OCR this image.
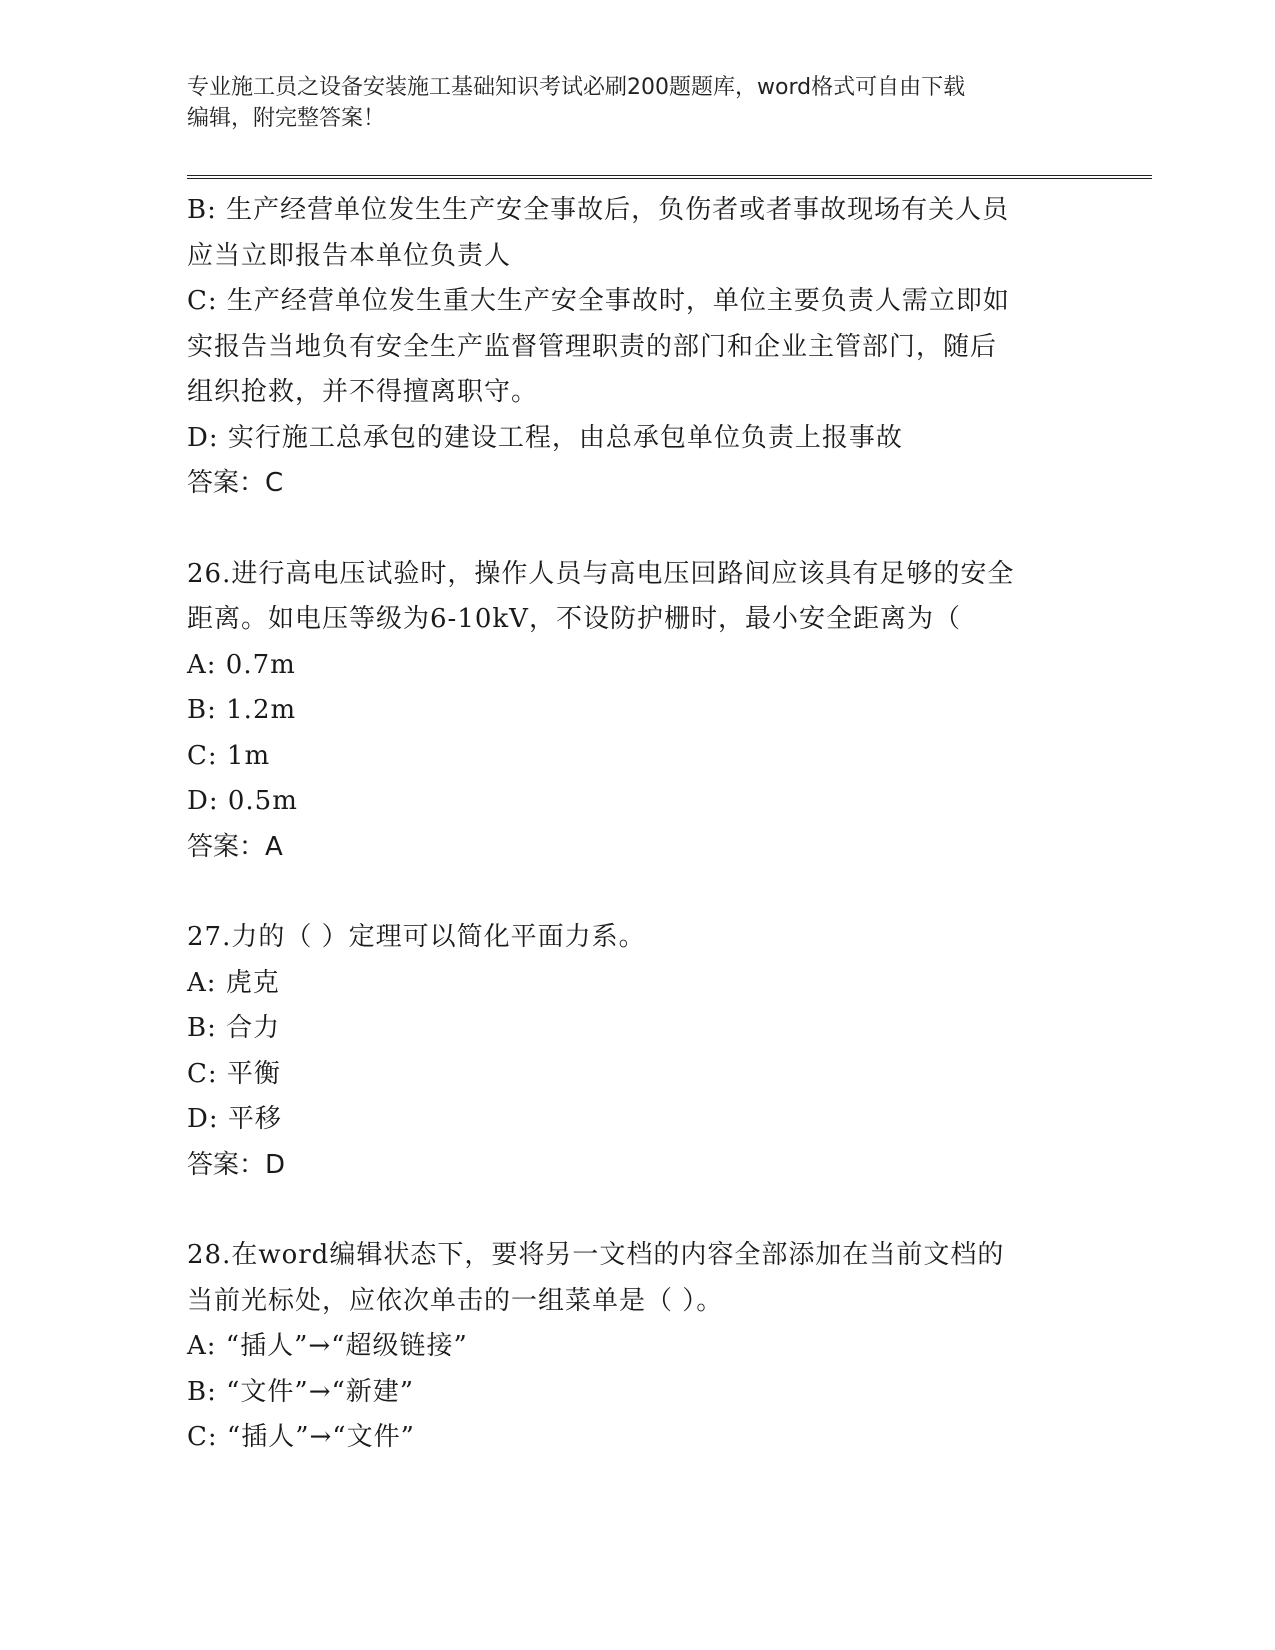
专业施工员之设备安装施工基础知识考试必刷200题题库，word格式可自由下载
编辑，附完整答案！
B: 生产经营单位发生生产安全事故后，负伤者或者事故现场有关人员
应当立即报告本单位负责人
C: 生产经营单位发生重大生产安全事故时，单位主要负责人需立即如
实报告当地负有安全生产监督管理职责的部门和企业主管部门，随后
组织抢救，并不得擅离职守。
D: 实行施工总承包的建设工程，由总承包单位负责上报事故
答案：C
26.进行高电压试验时，操作人员与高电压回路间应该具有足够的安全
距离。如电压等级为6-10kV，不设防护栅时，最小安全距离为（
A: 0.7m
B: 1.2m
C: 1m
D: 0.5m
答案：A
27.力的（ ）定理可以简化平面力系。
A: 虎克
B: 合力
C: 平衡
D: 平移
答案：D
28.在word编辑状态下，要将另一文档的内容全部添加在当前文档的
当前光标处，应依次单击的一组菜单是（ ）。
A: “插人”→“超级链接”
B: “文件”→“新建”
C: “插人”→“文件”
